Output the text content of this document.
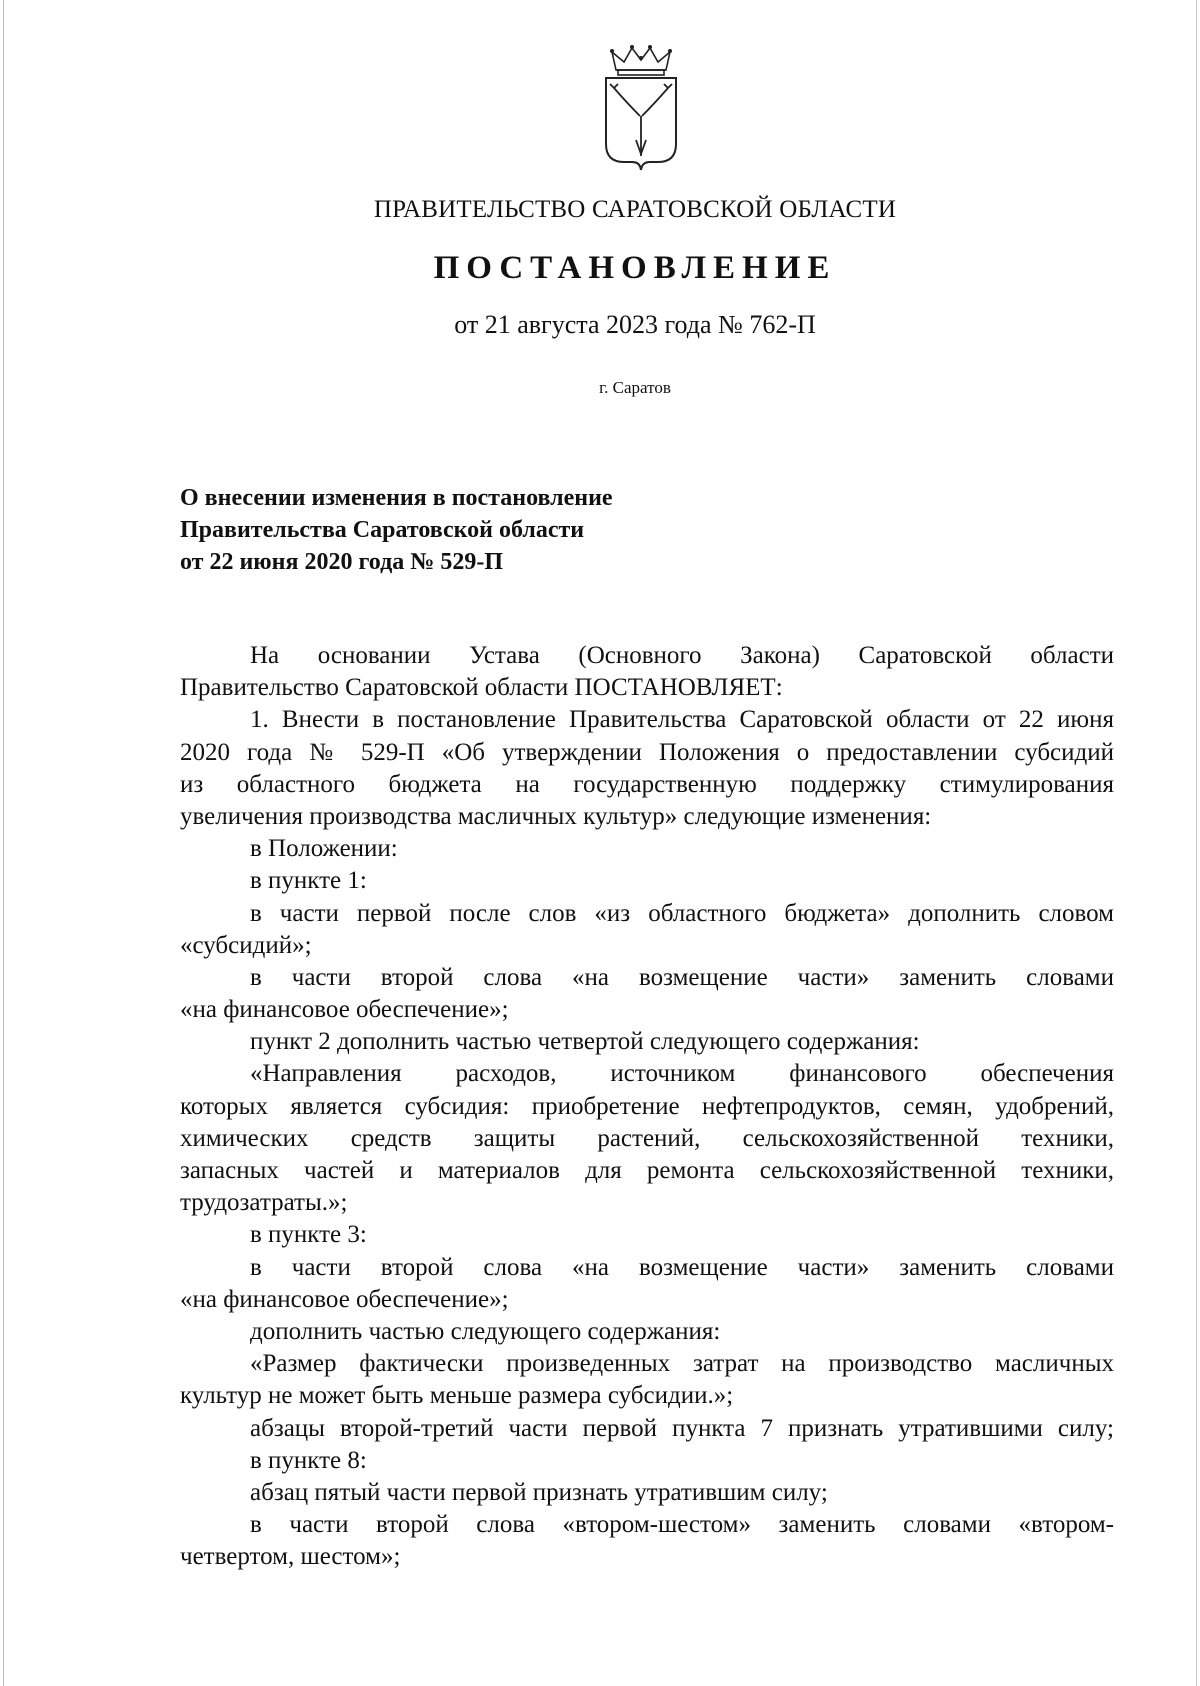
ПРАВИТЕЛЬСТВО САРАТОВСКОЙ ОБЛАСТИ
ПОСТАНОВЛЕНИЕ
от 21 августа 2023 года № 762-П
г. Саратов
О внесении изменения в постановление
Правительства Саратовской области
от 22 июня 2020 года № 529-П
На основании Устава (Основного Закона) Саратовской области
Правительство Саратовской области ПОСТАНОВЛЯЕТ:
1. Внести в постановление Правительства Саратовской области от 22 июня
2020 года № 529-П «Об утверждении Положения о предоставлении субсидий
из областного бюджета на государственную поддержку стимулирования
увеличения производства масличных культур» следующие изменения:
в Положении:
в пункте 1:
в части первой после слов «из областного бюджета» дополнить словом
«субсидий»;
в части второй слова «на возмещение части» заменить словами
«на финансовое обеспечение»;
пункт 2 дополнить частью четвертой следующего содержания:
«Направления расходов, источником финансового обеспечения
которых является субсидия: приобретение нефтепродуктов, семян, удобрений,
химических средств защиты растений, сельскохозяйственной техники,
запасных частей и материалов для ремонта сельскохозяйственной техники,
трудозатраты.»;
в пункте 3:
в части второй слова «на возмещение части» заменить словами
«на финансовое обеспечение»;
дополнить частью следующего содержания:
«Размер фактически произведенных затрат на производство масличных
культур не может быть меньше размера субсидии.»;
абзацы второй-третий части первой пункта 7 признать утратившими силу;
в пункте 8:
абзац пятый части первой признать утратившим силу;
в части второй слова «втором-шестом» заменить словами «втором-
четвертом, шестом»;
